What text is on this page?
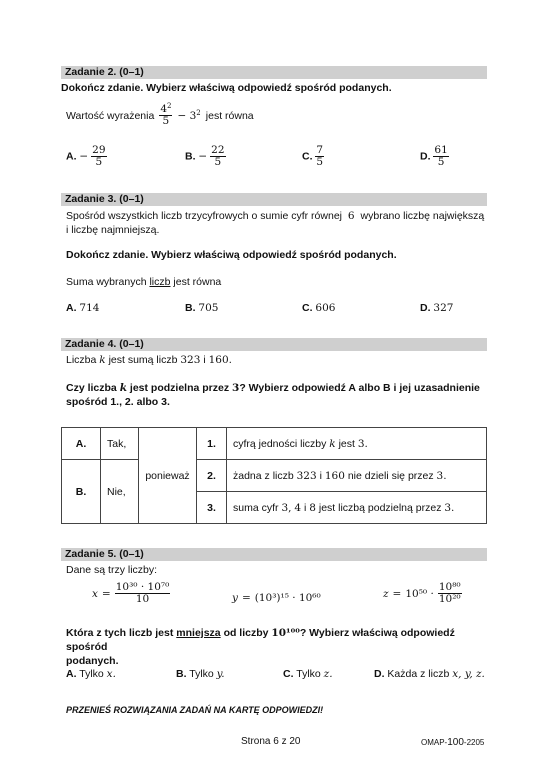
Zadanie 2. (0–1)
Dokończ zdanie. Wybierz właściwą odpowiedź spośród podanych.
Wartość wyrażenia $\frac{4^2}{5} - 3^2$ jest równa
A. − $\frac{29}{5}$	B. − $\frac{22}{5}$	C. $\frac{7}{5}$	D. $\frac{61}{5}$
Zadanie 3. (0–1)
Spośród wszystkich liczb trzycyfrowych o sumie cyfr równej 6 wybrano liczbę największą
i liczbę najmniejszą.
Dokończ zdanie. Wybierz właściwą odpowiedź spośród podanych.
Suma wybranych liczb jest równa
A. 714	B. 705	C. 606	D. 327
Zadanie 4. (0–1)
Liczba k jest sumą liczb 323 i 160.
Czy liczba k jest podzielna przez 3? Wybierz odpowiedź A albo B i jej uzasadnienie
spośród 1., 2. albo 3.
A.	Tak,	ponieważ	1.	cyfrą jedności liczby k jest 3.
B.	Nie,		2.	żadna z liczb 323 i 160 nie dzieli się przez 3.
			3.	suma cyfr 3, 4 i 8 jest liczbą podzielną przez 3.
Zadanie 5. (0–1)
Dane są trzy liczby:
$x = \frac{\text{10³⁰ · 10⁷⁰}}{10}$	y = (10³)¹⁵ · 10⁶⁰	$z = 10^{50} \cdot \frac{\text{10⁸⁰}}{\text{10²⁰}}$
Która z tych liczb jest mniejsza od liczby 10¹⁰⁰? Wybierz właściwą odpowiedź spośród
podanych.
A. Tylko x.	B. Tylko y.	C. Tylko z.	D. Każda z liczb x, y, z.
PRZENIEŚ ROZWIĄZANIA ZADAŃ NA KARTĘ ODPOWIEDZI!
Strona 6 z 20	OMAP-100-2205
